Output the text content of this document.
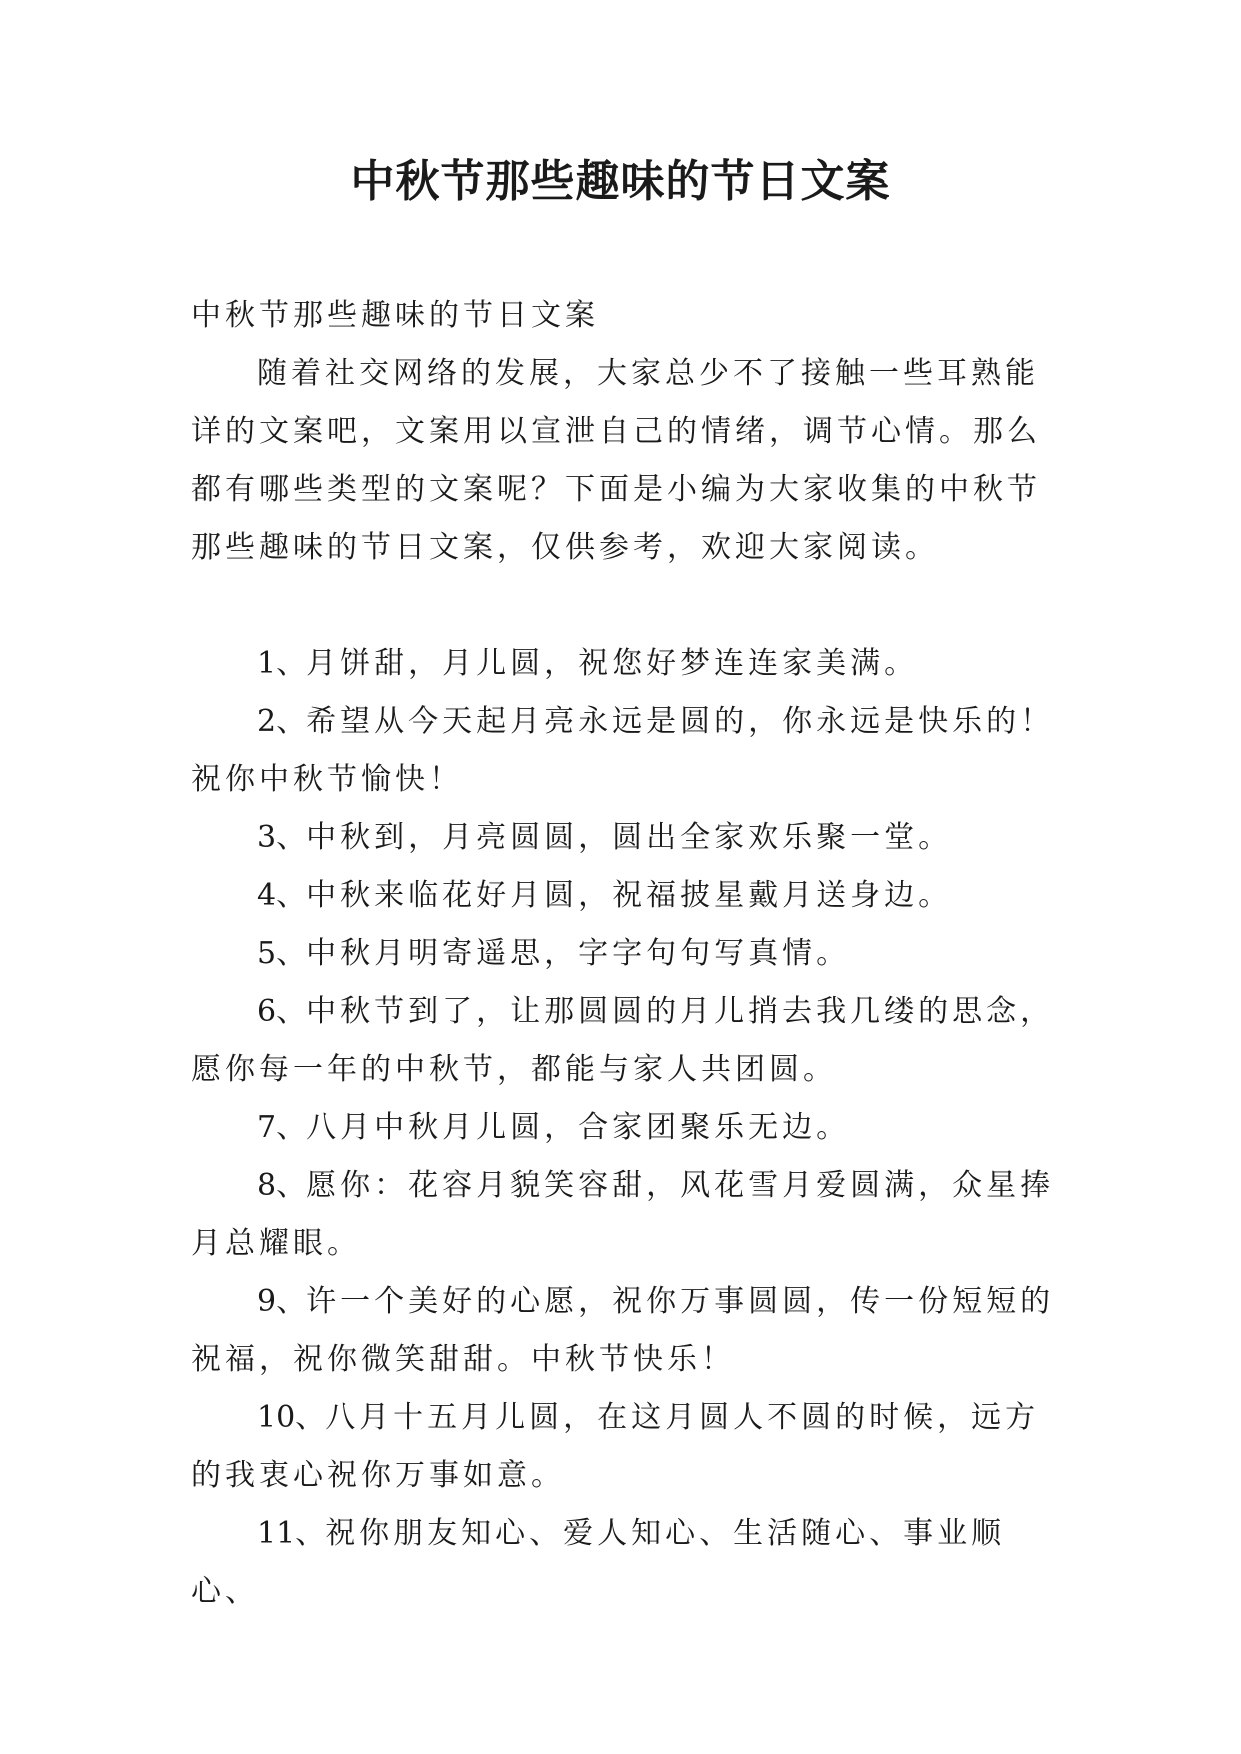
中秋节那些趣味的节日文案

中秋节那些趣味的节日文案

随着社交网络的发展，大家总少不了接触一些耳熟能详的文案吧，文案用以宣泄自己的情绪，调节心情。那么都有哪些类型的文案呢？下面是小编为大家收集的中秋节那些趣味的节日文案，仅供参考，欢迎大家阅读。

1、月饼甜，月儿圆，祝您好梦连连家美满。

2、希望从今天起月亮永远是圆的，你永远是快乐的！祝你中秋节愉快！

3、中秋到，月亮圆圆，圆出全家欢乐聚一堂。

4、中秋来临花好月圆，祝福披星戴月送身边。

5、中秋月明寄遥思，字字句句写真情。

6、中秋节到了，让那圆圆的月儿捎去我几缕的思念，愿你每一年的中秋节，都能与家人共团圆。

7、八月中秋月儿圆，合家团聚乐无边。

8、愿你：花容月貌笑容甜，风花雪月爱圆满，众星捧月总耀眼。

9、许一个美好的心愿，祝你万事圆圆，传一份短短的祝福，祝你微笑甜甜。中秋节快乐！

10、八月十五月儿圆，在这月圆人不圆的时候，远方的我衷心祝你万事如意。

11、祝你朋友知心、爱人知心、生活随心、事业顺心、
